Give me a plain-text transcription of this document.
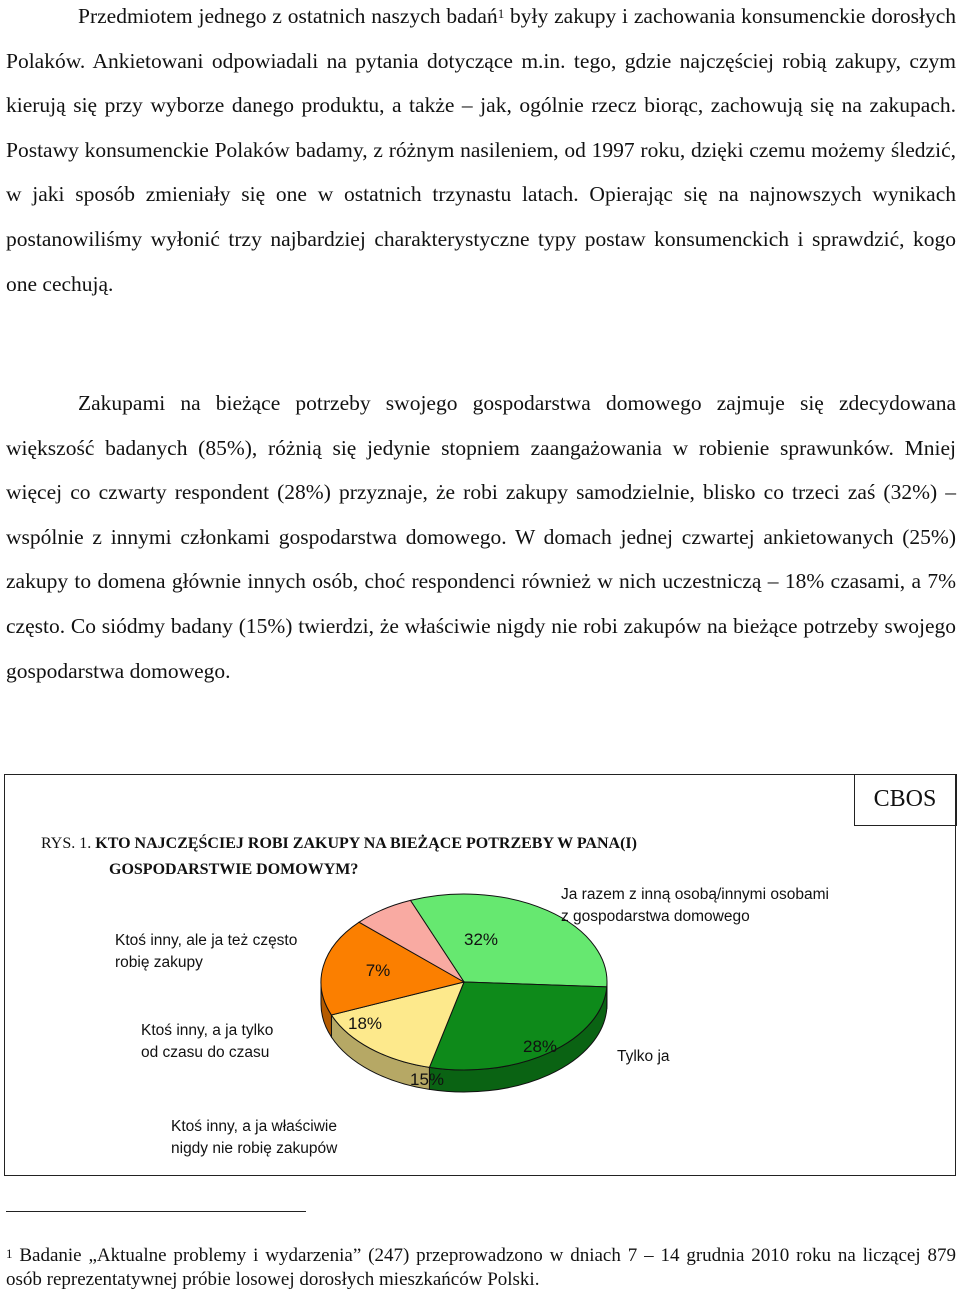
Przedmiotem jednego z ostatnich naszych badań$^1$ były zakupy i zachowania konsumenckie dorosłych Polaków. Ankietowani odpowiadali na pytania dotyczące m.in. tego, gdzie najczęściej robią zakupy, czym kierują się przy wyborze danego produktu, a także – jak, ogólnie rzecz biorąc, zachowują się na zakupach. Postawy konsumenckie Polaków badamy, z różnym nasileniem, od 1997 roku, dzięki czemu możemy śledzić, w jaki sposób zmieniały się one w ostatnich trzynastu latach. Opierając się na najnowszych wynikach postanowiliśmy wyłonić trzy najbardziej charakterystyczne typy postaw konsumenckich i sprawdzić, kogo one cechują.

Zakupami na bieżące potrzeby swojego gospodarstwa domowego zajmuje się zdecydowana większość badanych (85%), różnią się jedynie stopniem zaangażowania w robienie sprawunków. Mniej więcej co czwarty respondent (28%) przyznaje, że robi zakupy samodzielnie, blisko co trzeci zaś (32%) – wspólnie z innymi członkami gospodarstwa domowego. W domach jednej czwartej ankietowanych (25%) zakupy to domena głównie innych osób, choć respondenci również w nich uczestniczą – 18% czasami, a 7% często. Co siódmy badany (15%) twierdzi, że właściwie nigdy nie robi zakupów na bieżące potrzeby swojego gospodarstwa domowego.

CBOS
RYS. 1. KTO NAJCZĘŚCIEJ ROBI ZAKUPY NA BIEŻĄCE POTRZEBY W PANA(I)
GOSPODARSTWIE DOMOWYM?
32%
28%
15%
18%
7%
Ja razem z inną osobą/innymi osobami z gospodarstwa domowego
Tylko ja
Ktoś inny, a ja właściwie nigdy nie robię zakupów
Ktoś inny, a ja tylko od czasu do czasu
Ktoś inny, ale ja też często robię zakupy

$^1$ Badanie „Aktualne problemy i wydarzenia” (247) przeprowadzono w dniach 7 – 14 grudnia 2010 roku na liczącej 879 osób reprezentatywnej próbie losowej dorosłych mieszkańców Polski.
